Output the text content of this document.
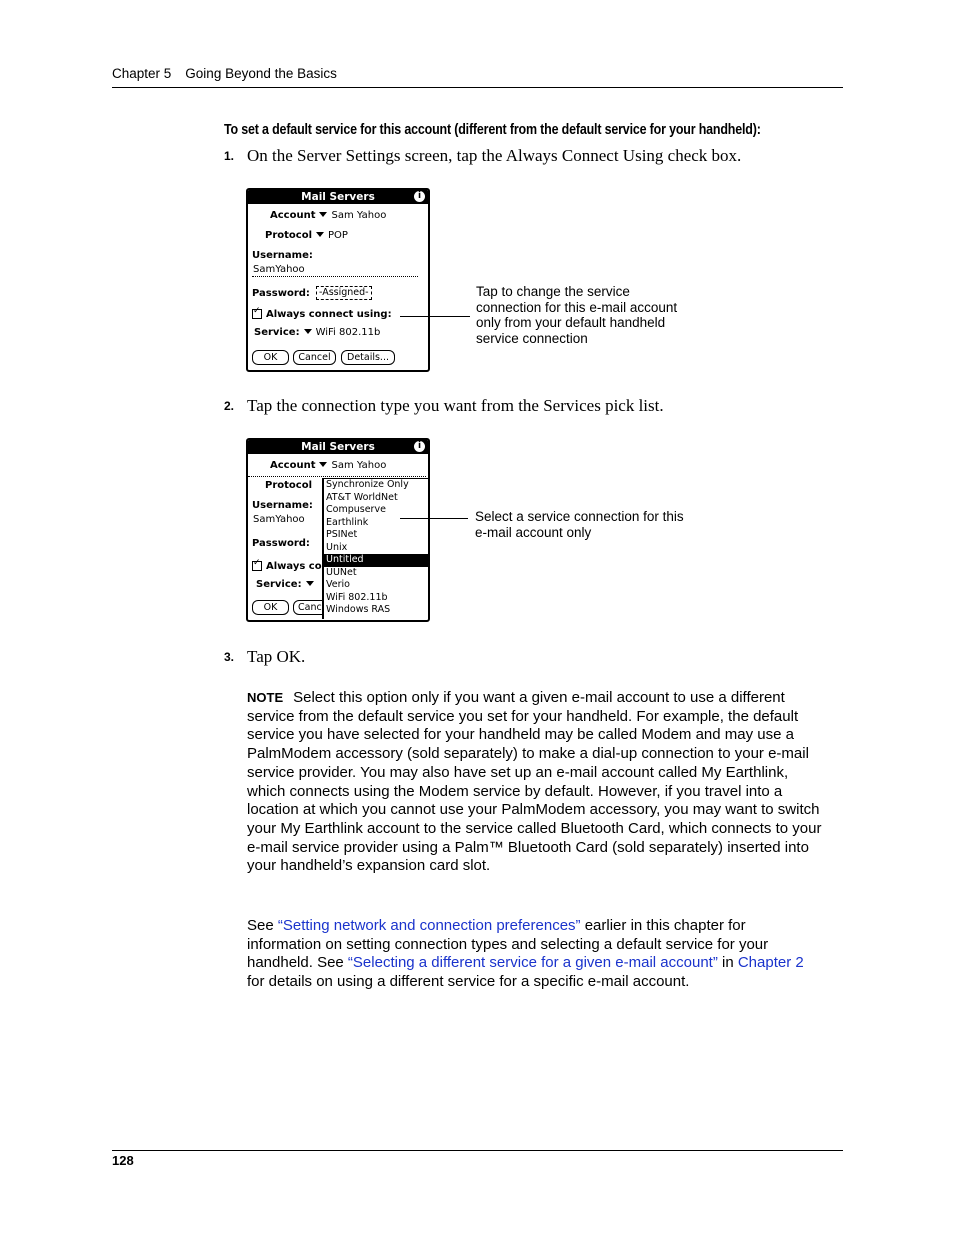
Chapter 5 Going Beyond the Basics
To set a default service for this account (different from the default service for your handheld):
1. On the Server Settings screen, tap the Always Connect Using check box.
Mail Servers	i
Account Sam Yahoo
Protocol POP
Username:
SamYahoo
Password: -Assigned-
✓Always connect using:
Service: WiFi 802.11b
OK	Cancel	Details...
Tap to change the service connection for this e-mail account only from your default handheld service connection
2. Tap the connection type you want from the Services pick list.
Mail Servers	i
Account Sam Yahoo
Protocol
Username:
SamYahoo
Password:
✓Always co
Service:
OK	Canc
Synchronize Only
AT&T WorldNet
Compuserve
Earthlink
PSINet
Unix
Untitled
UUNet
Verio
WiFi 802.11b
Windows RAS
Select a service connection for this e-mail account only
3. Tap OK.
NOTE Select this option only if you want a given e-mail account to use a different service from the default service you set for your handheld. For example, the default service you have selected for your handheld may be called Modem and may use a PalmModem accessory (sold separately) to make a dial-up connection to your e-mail service provider. You may also have set up an e-mail account called My Earthlink, which connects using the Modem service by default. However, if you travel into a location at which you cannot use your PalmModem accessory, you may want to switch your My Earthlink account to the service called Bluetooth Card, which connects to your e-mail service provider using a Palm™ Bluetooth Card (sold separately) inserted into your handheld’s expansion card slot.
See “Setting network and connection preferences” earlier in this chapter for information on setting connection types and selecting a default service for your handheld. See “Selecting a different service for a given e-mail account” in Chapter 2 for details on using a different service for a specific e-mail account.
128
